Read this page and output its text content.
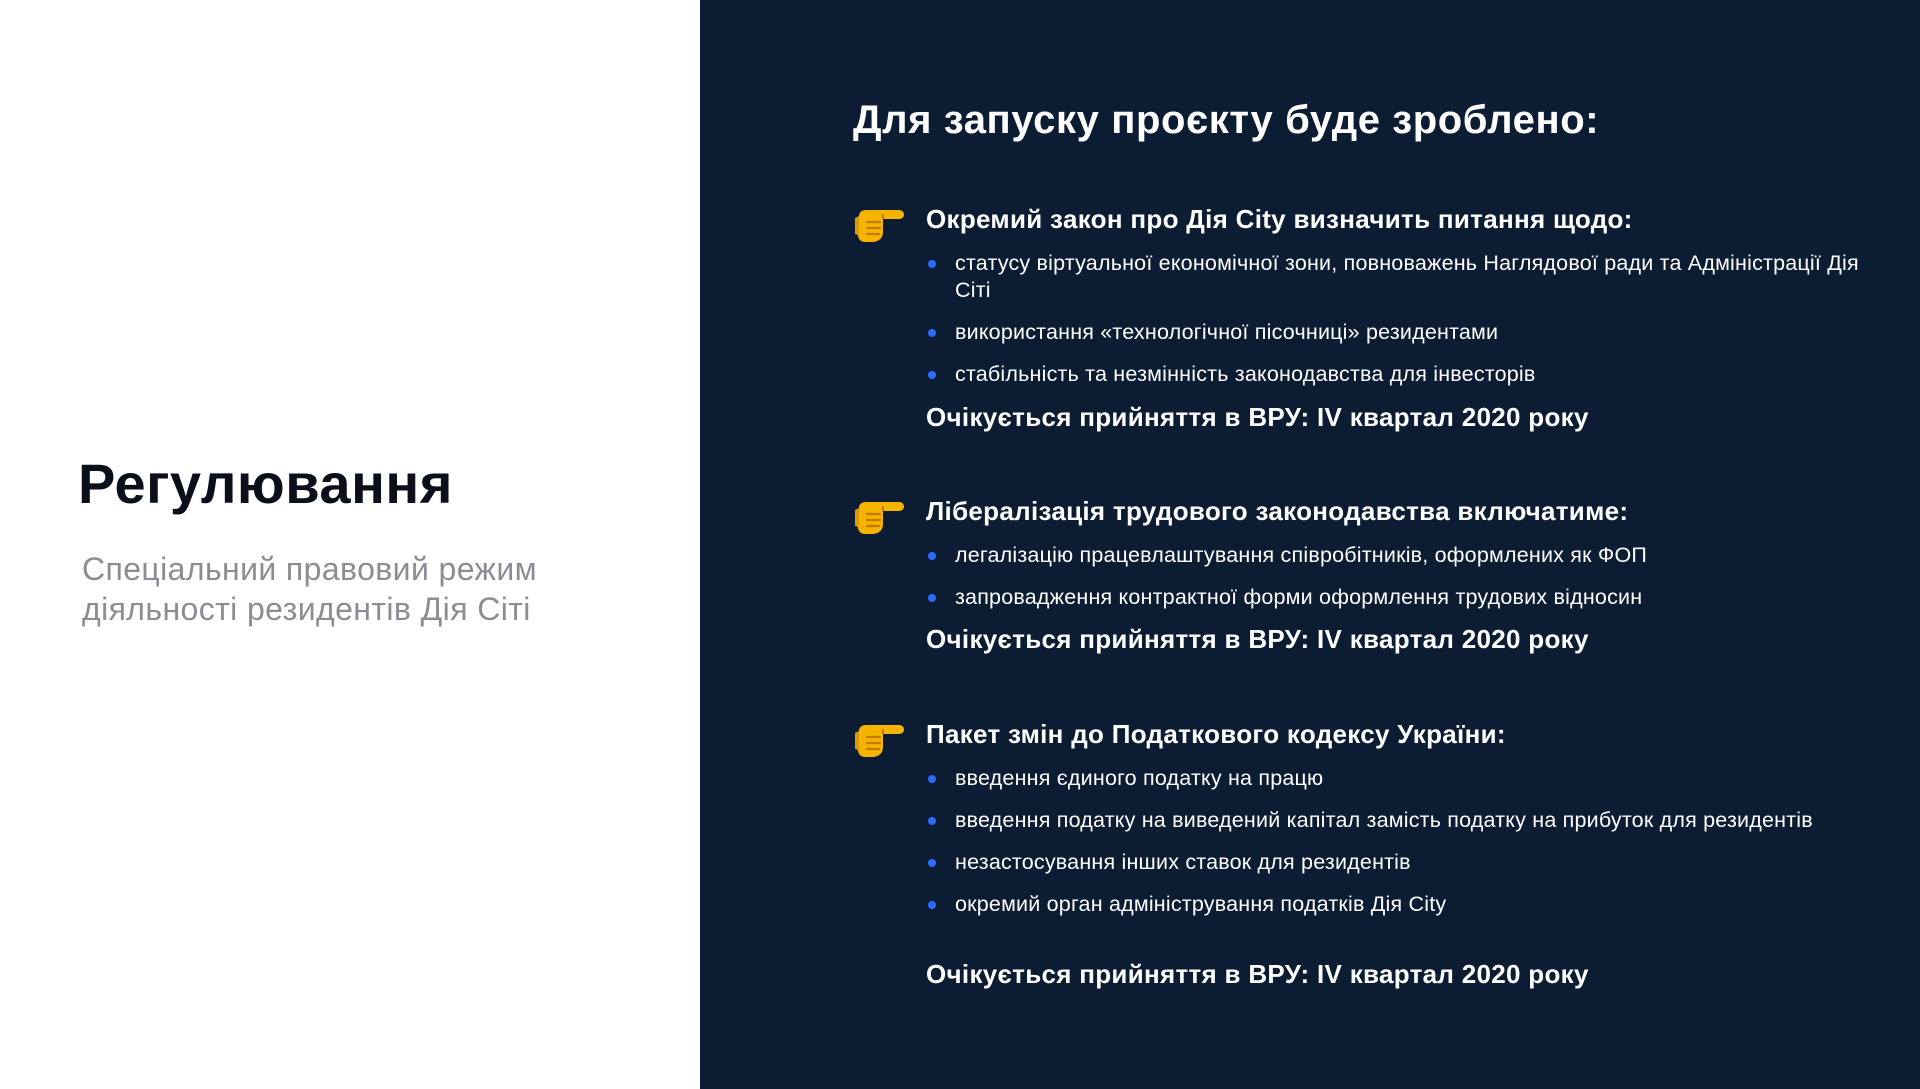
Регулювання
Спеціальний правовий режим діяльності резидентів Дія Сіті
Для запуску проєкту буде зроблено:
Окремий закон про Дія City визначить питання щодо:
статусу віртуальної економічної зони, повноважень Наглядової ради та Адміністрації Дія Сіті
використання «технологічної пісочниці» резидентами
стабільність та незмінність законодавства для інвесторів
Очікується прийняття в ВРУ: IV квартал 2020 року
Лібералізація трудового законодавства включатиме:
легалізацію працевлаштування співробітників, оформлених як ФОП
запровадження контрактної форми оформлення трудових відносин
Очікується прийняття в ВРУ: IV квартал 2020 року
Пакет змін до Податкового кодексу України:
введення єдиного податку на працю
введення податку на виведений капітал замість податку на прибуток для резидентів
незастосування інших ставок для резидентів
окремий орган адміністрування податків Дія City
Очікується прийняття в ВРУ: IV квартал 2020 року
